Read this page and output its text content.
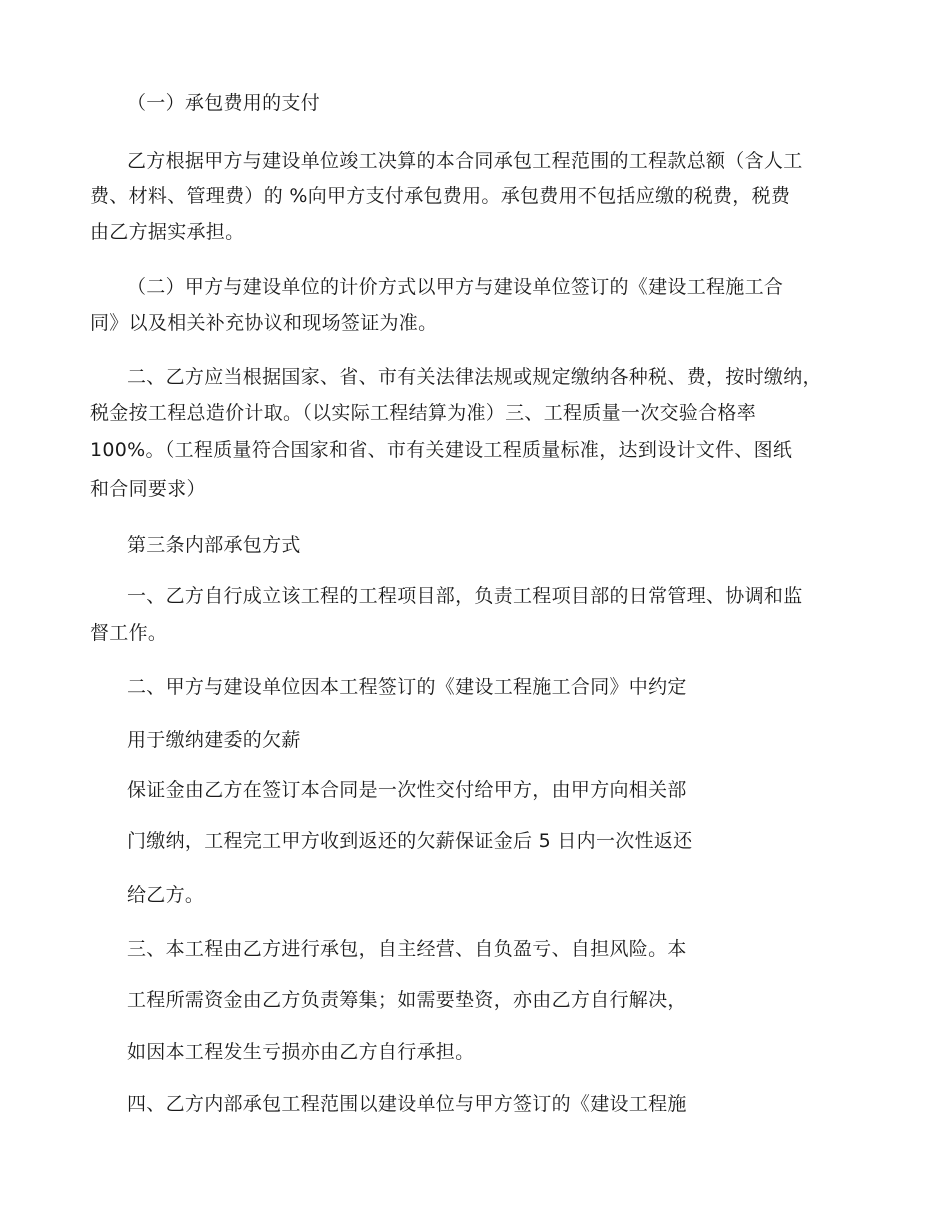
（一）承包费用的支付
乙方根据甲方与建设单位竣工决算的本合同承包工程范围的工程款总额（含人工
费、材料、管理费）的 %向甲方支付承包费用。承包费用不包括应缴的税费，税费
由乙方据实承担。
（二）甲方与建设单位的计价方式以甲方与建设单位签订的《建设工程施工合
同》以及相关补充协议和现场签证为准。
二、乙方应当根据国家、省、市有关法律法规或规定缴纳各种税、费，按时缴纳，
税金按工程总造价计取。（以实际工程结算为准）三、工程质量一次交验合格率
100%。（工程质量符合国家和省、市有关建设工程质量标准，达到设计文件、图纸
和合同要求）
第三条内部承包方式
一、乙方自行成立该工程的工程项目部，负责工程项目部的日常管理、协调和监
督工作。
二、甲方与建设单位因本工程签订的《建设工程施工合同》中约定
用于缴纳建委的欠薪
保证金由乙方在签订本合同是一次性交付给甲方，由甲方向相关部
门缴纳，工程完工甲方收到返还的欠薪保证金后 5 日内一次性返还
给乙方。
三、本工程由乙方进行承包，自主经营、自负盈亏、自担风险。本
工程所需资金由乙方负责筹集；如需要垫资，亦由乙方自行解决，
如因本工程发生亏损亦由乙方自行承担。
四、乙方内部承包工程范围以建设单位与甲方签订的《建设工程施
